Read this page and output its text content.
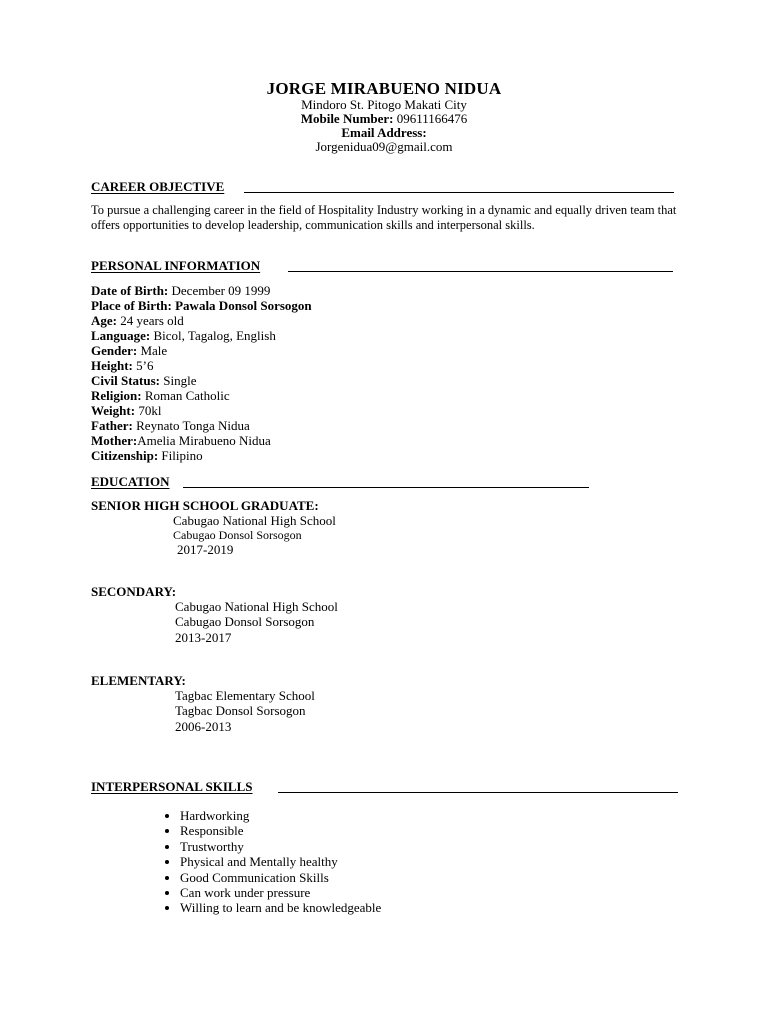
JORGE MIRABUENO NIDUA
Mindoro St. Pitogo Makati City
Mobile Number: 09611166476
Email Address:
Jorgenidua09@gmail.com
CAREER OBJECTIVE
To pursue a challenging career in the field of Hospitality Industry working in a dynamic and equally driven team that offers opportunities to develop leadership, communication skills and interpersonal skills.
PERSONAL INFORMATION
Date of Birth: December 09 1999
Place of Birth: Pawala Donsol Sorsogon
Age: 24 years old
Language: Bicol, Tagalog, English
Gender: Male
Height: 5’6
Civil Status: Single
Religion: Roman Catholic
Weight: 70kl
Father: Reynato Tonga Nidua
Mother:Amelia Mirabueno Nidua
Citizenship: Filipino
EDUCATION
SENIOR HIGH SCHOOL GRADUATE:
Cabugao National High School
Cabugao Donsol Sorsogon
2017-2019
SECONDARY:
Cabugao National High School
Cabugao Donsol Sorsogon
2013-2017
ELEMENTARY:
Tagbac Elementary School
Tagbac Donsol Sorsogon
2006-2013
INTERPERSONAL SKILLS
• Hardworking
• Responsible
• Trustworthy
• Physical and Mentally healthy
• Good Communication Skills
• Can work under pressure
• Willing to learn and be knowledgeable
